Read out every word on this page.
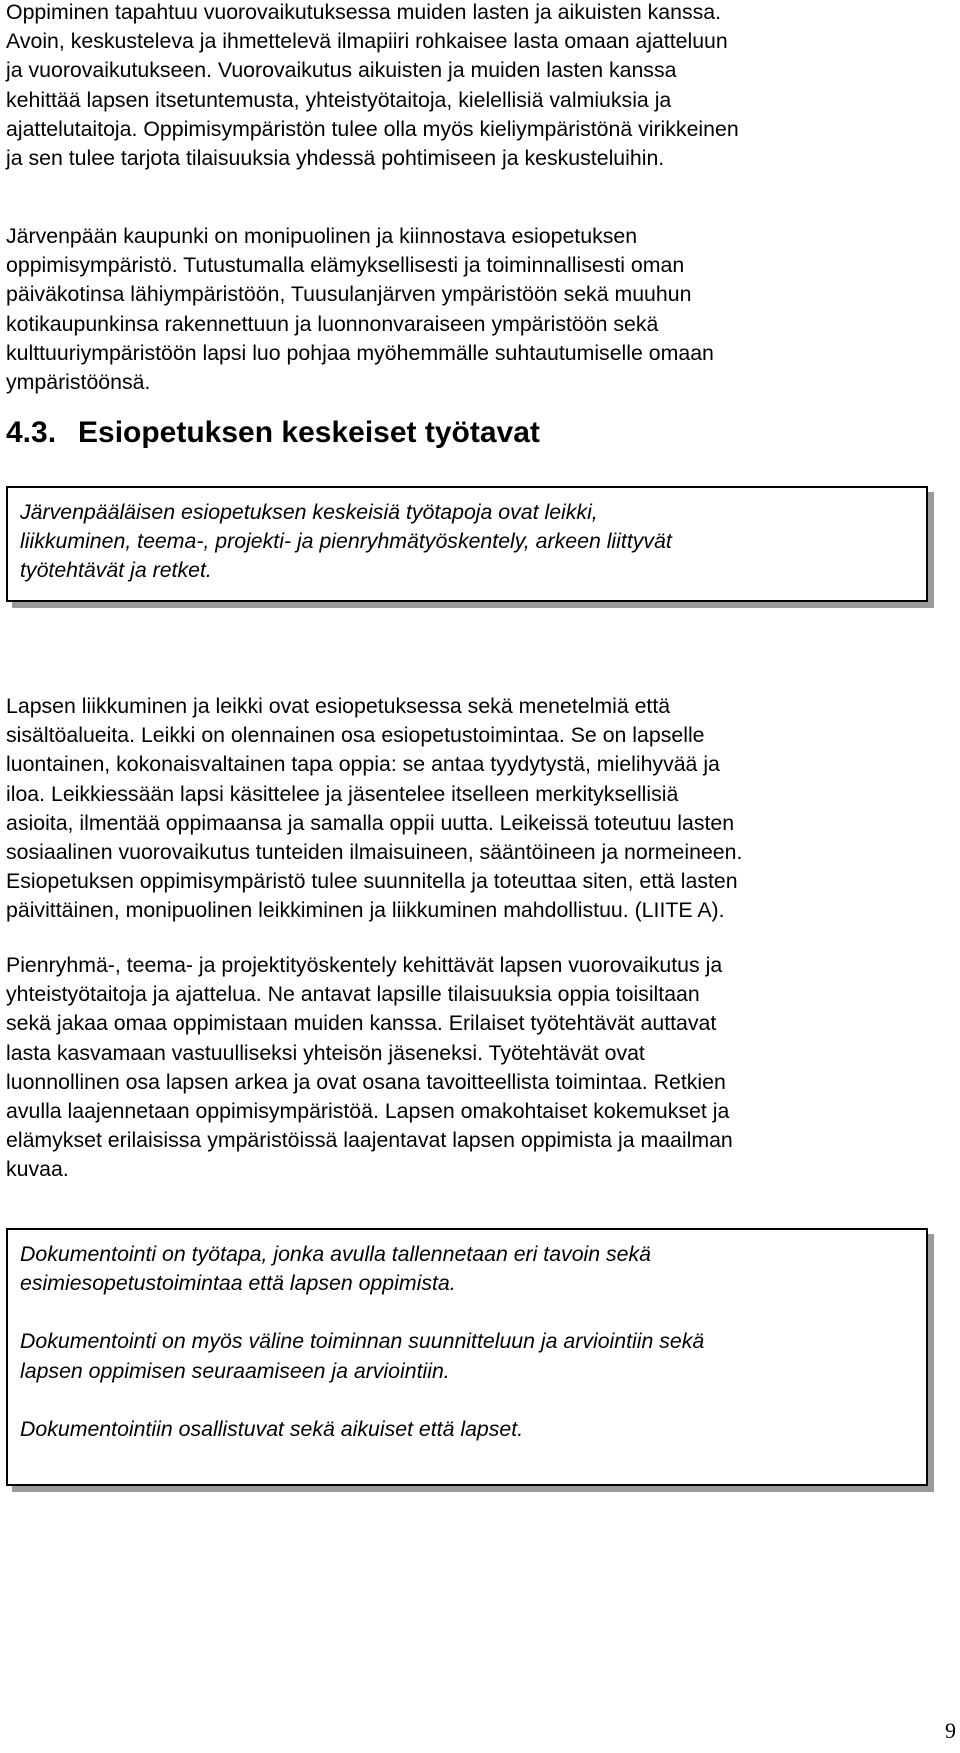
Oppiminen tapahtuu vuorovaikutuksessa muiden lasten ja aikuisten kanssa.
Avoin, keskusteleva ja ihmettelevä ilmapiiri rohkaisee lasta omaan ajatteluun
ja vuorovaikutukseen. Vuorovaikutus aikuisten ja muiden lasten kanssa
kehittää lapsen itsetuntemusta, yhteistyötaitoja, kielellisiä valmiuksia ja
ajattelutaitoja. Oppimisympäristön tulee olla myös kieliympäristönä virikkeinen
ja sen tulee tarjota tilaisuuksia yhdessä pohtimiseen ja keskusteluihin.

Järvenpään kaupunki on monipuolinen ja kiinnostava esiopetuksen
oppimisympäristö. Tutustumalla elämyksellisesti ja toiminnallisesti oman
päiväkotinsa lähiympäristöön, Tuusulanjärven ympäristöön sekä muuhun
kotikaupunkinsa rakennettuun ja luonnonvaraiseen ympäristöön sekä
kulttuuriympäristöön lapsi luo pohjaa myöhemmälle suhtautumiselle omaan
ympäristöönsä.

4.3. Esiopetuksen keskeiset työtavat

Järvenpääläisen esiopetuksen keskeisiä työtapoja ovat leikki,
liikkuminen, teema-, projekti- ja pienryhmätyöskentely, arkeen liittyvät
työtehtävät ja retket.

Lapsen liikkuminen ja leikki ovat esiopetuksessa sekä menetelmiä että
sisältöalueita. Leikki on olennainen osa esiopetustoimintaa. Se on lapselle
luontainen, kokonaisvaltainen tapa oppia: se antaa tyydytystä, mielihyvää ja
iloa. Leikkiessään lapsi käsittelee ja jäsentelee itselleen merkityksellisiä
asioita, ilmentää oppimaansa ja samalla oppii uutta. Leikeissä toteutuu lasten
sosiaalinen vuorovaikutus tunteiden ilmaisuineen, sääntöineen ja normeineen.
Esiopetuksen oppimisympäristö tulee suunnitella ja toteuttaa siten, että lasten
päivittäinen, monipuolinen leikkiminen ja liikkuminen mahdollistuu. (LIITE A).

Pienryhmä-, teema- ja projektityöskentely kehittävät lapsen vuorovaikutus ja
yhteistyötaitoja ja ajattelua. Ne antavat lapsille tilaisuuksia oppia toisiltaan
sekä jakaa omaa oppimistaan muiden kanssa. Erilaiset työtehtävät auttavat
lasta kasvamaan vastuulliseksi yhteisön jäseneksi. Työtehtävät ovat
luonnollinen osa lapsen arkea ja ovat osana tavoitteellista toimintaa. Retkien
avulla laajennetaan oppimisympäristöä. Lapsen omakohtaiset kokemukset ja
elämykset erilaisissa ympäristöissä laajentavat lapsen oppimista ja maailman
kuvaa.

Dokumentointi on työtapa, jonka avulla tallennetaan eri tavoin sekä
esimiesopetustoimintaa että lapsen oppimista.

Dokumentointi on myös väline toiminnan suunnitteluun ja arviointiin sekä
lapsen oppimisen seuraamiseen ja arviointiin.

Dokumentointiin osallistuvat sekä aikuiset että lapset.

9
